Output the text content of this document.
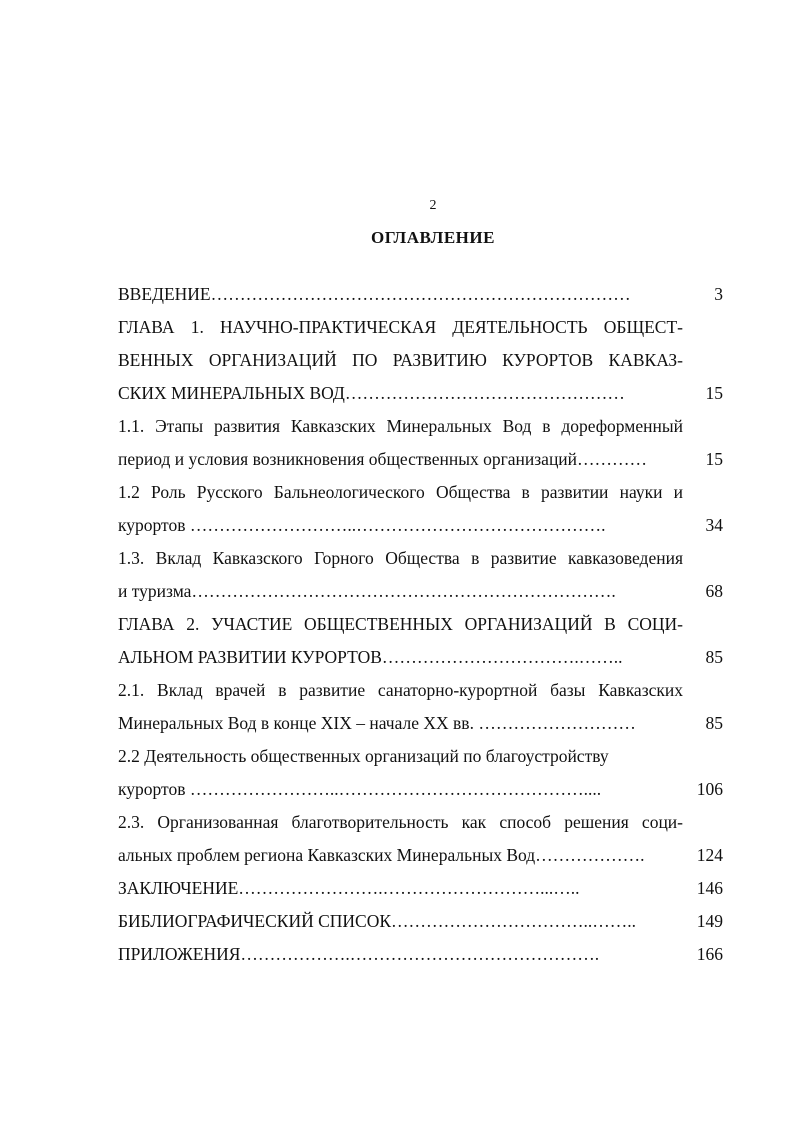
2
ОГЛАВЛЕНИЕ
ВВЕДЕНИЕ………………………………………………………………	3
ГЛАВА 1. НАУЧНО-ПРАКТИЧЕСКАЯ ДЕЯТЕЛЬНОСТЬ ОБЩЕСТ-
ВЕННЫХ ОРГАНИЗАЦИЙ ПО РАЗВИТИЮ КУРОРТОВ КАВКАЗ-
СКИХ МИНЕРАЛЬНЫХ ВОД…………………………………………	15
1.1. Этапы развития Кавказских Минеральных Вод в дореформенный
период и условия возникновения общественных организаций…………	15
1.2 Роль Русского Бальнеологического Общества в развитии науки и
курортов ………………………..…………………………………….	34
1.3. Вклад Кавказского Горного Общества в развитие кавказоведения
и туризма……………………………………………………………….	68
ГЛАВА 2. УЧАСТИЕ ОБЩЕСТВЕННЫХ ОРГАНИЗАЦИЙ В СОЦИ-
АЛЬНОМ РАЗВИТИИ КУРОРТОВ…………………………….……..	85
2.1. Вклад врачей в развитие санаторно-курортной базы Кавказских
Минеральных Вод в конце XIX – начале XX вв. ………………………	85
2.2 Деятельность общественных организаций по благоустройству
курортов ……………………..……………………………………....	106
2.3. Организованная благотворительность как способ решения соци-
альных проблем региона Кавказских Минеральных Вод……………….	124
ЗАКЛЮЧЕНИЕ…………………….………………………...…..	146
БИБЛИОГРАФИЧЕСКИЙ СПИСОК……………………………..……..	149
ПРИЛОЖЕНИЯ……………….…………………………………….	166
